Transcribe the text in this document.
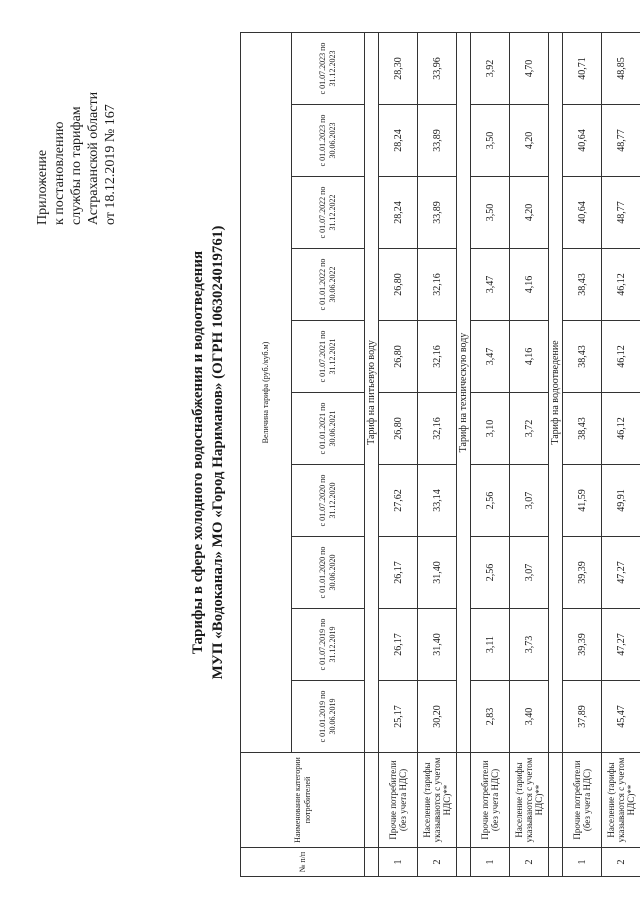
Приложение к постановлению службы по тарифам Астраханской области от 18.12.2019 № 167
Тарифы в сфере холодного водоснабжения и водоотведения МУП «Водоканал» МО «Город Нариманов» (ОГРН 1063024019761)
№ п/п	Наименование категории потребителей	Величина тарифа (руб./куб.м)									
		с 01.01.2019 по 30.06.2019	с 01.07.2019 по 31.12.2019	с 01.01.2020 по 30.06.2020	с 01.07.2020 по 31.12.2020	с 01.01.2021 по 30.06.2021	с 01.07.2021 по 31.12.2021	с 01.01.2022 по 30.06.2022	с 01.07.2022 по 31.12.2022	с 01.01.2023 по 30.06.2023	с 01.07.2023 по 31.12.2023
		Тариф на питьевую воду									
1	Прочие потребители (без учета НДС)	25,17	26,17	26,17	27,62	26,80	26,80	26,80	28,24	28,24	28,30
2	Население (тарифы указываются с учетом НДС)**	30,20	31,40	31,40	33,14	32,16	32,16	32,16	33,89	33,89	33,96
		Тариф на техническую воду									
1	Прочие потребители (без учета НДС)	2,83	3,11	2,56	2,56	3,10	3,47	3,47	3,50	3,50	3,92
2	Население (тарифы указываются с учетом НДС)**	3,40	3,73	3,07	3,07	3,72	4,16	4,16	4,20	4,20	4,70
		Тариф на водоотведение									
1	Прочие потребители (без учета НДС)	37,89	39,39	39,39	41,59	38,43	38,43	38,43	40,64	40,64	40,71
2	Население (тарифы указываются с учетом НДС)**	45,47	47,27	47,27	49,91	46,12	46,12	46,12	48,77	48,77	48,85
